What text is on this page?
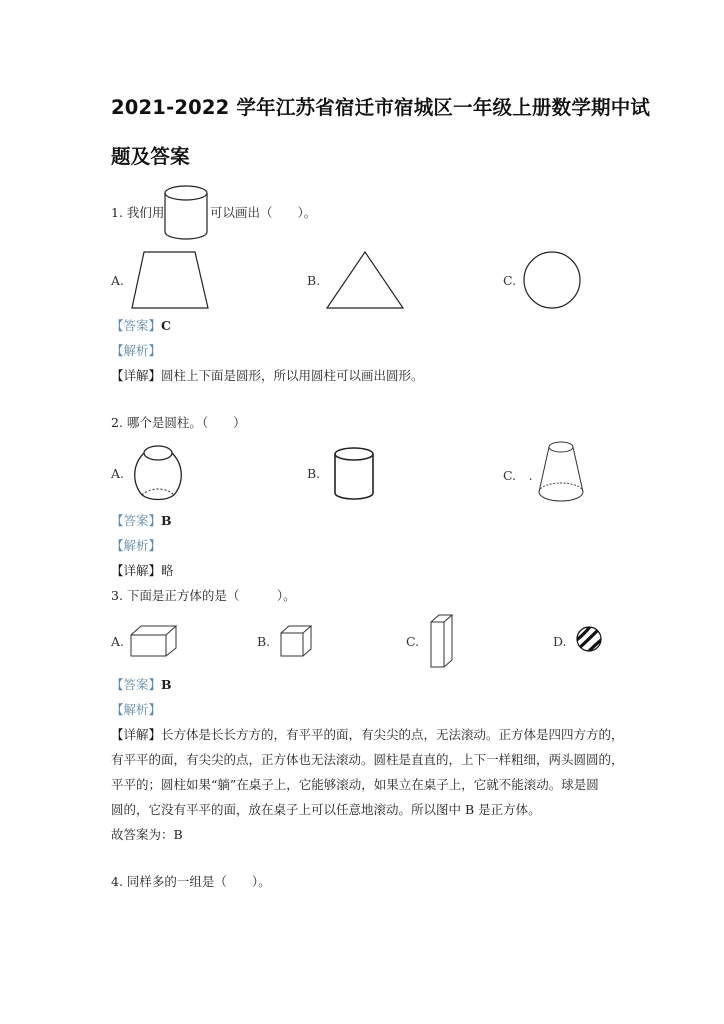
2021-2022 学年江苏省宿迁市宿城区一年级上册数学期中试
题及答案
1. 我们用	可以画出（　　）。
A.	B.	C.
【答案】C
【解析】
【详解】圆柱上下面是圆形，所以用圆柱可以画出圆形。
2. 哪个是圆柱。（　　）
A.	B.	C.　.
【答案】B
【解析】
【详解】略
3. 下面是正方体的是（　　　）。
A.	B.	C.	D.
【答案】B
【解析】
【详解】长方体是长长方方的，有平平的面，有尖尖的点，无法滚动。正方体是四四方方的，
有平平的面，有尖尖的点，正方体也无法滚动。圆柱是直直的，上下一样粗细，两头圆圆的，
平平的；圆柱如果“躺”在桌子上，它能够滚动，如果立在桌子上，它就不能滚动。球是圆
圆的，它没有平平的面，放在桌子上可以任意地滚动。所以图中 B 是正方体。
故答案为：B
4. 同样多的一组是（　　）。
